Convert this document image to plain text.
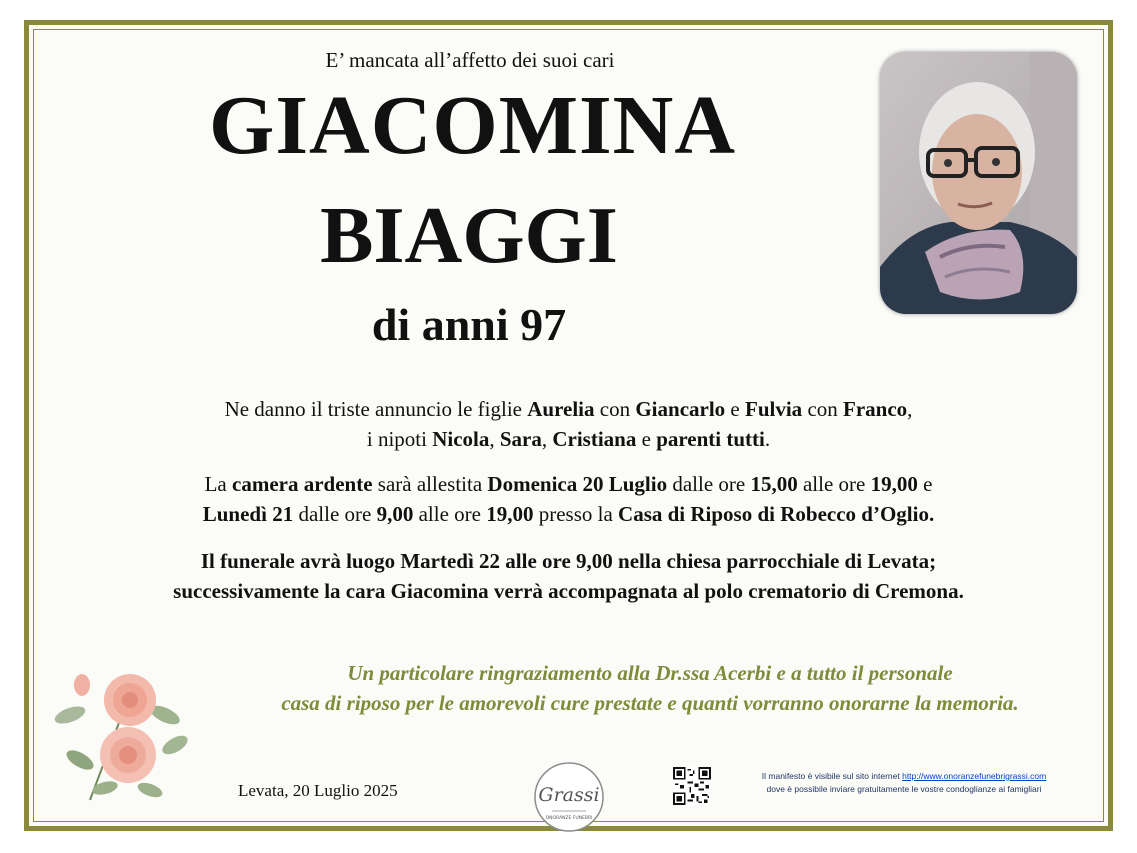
E’ mancata all’affetto dei suoi cari
GIACOMINA
BIAGGI
di anni 97
Ne danno il triste annuncio le figlie Aurelia con Giancarlo e Fulvia con Franco,
i nipoti Nicola, Sara, Cristiana e parenti tutti.
La camera ardente sarà allestita Domenica 20 Luglio dalle ore 15,00 alle ore 19,00 e
Lunedì 21 dalle ore 9,00 alle ore 19,00 presso la Casa di Riposo di Robecco d’Oglio.
Il funerale avrà luogo Martedì 22 alle ore 9,00 nella chiesa parrocchiale di Levata;
successivamente la cara Giacomina verrà accompagnata al polo crematorio di Cremona.
Un particolare ringraziamento alla Dr.ssa Acerbi e a tutto il personale
casa di riposo per le amorevoli cure prestate e quanti vorranno onorarne la memoria.
Levata, 20 Luglio 2025	Grassi
ONORANZE FUNEBRI
Il manifesto è visibile sul sito internet http://www.onoranzefunebrigrassi.com
dove è possibile inviare gratuitamente le vostre condoglianze ai famigliari
